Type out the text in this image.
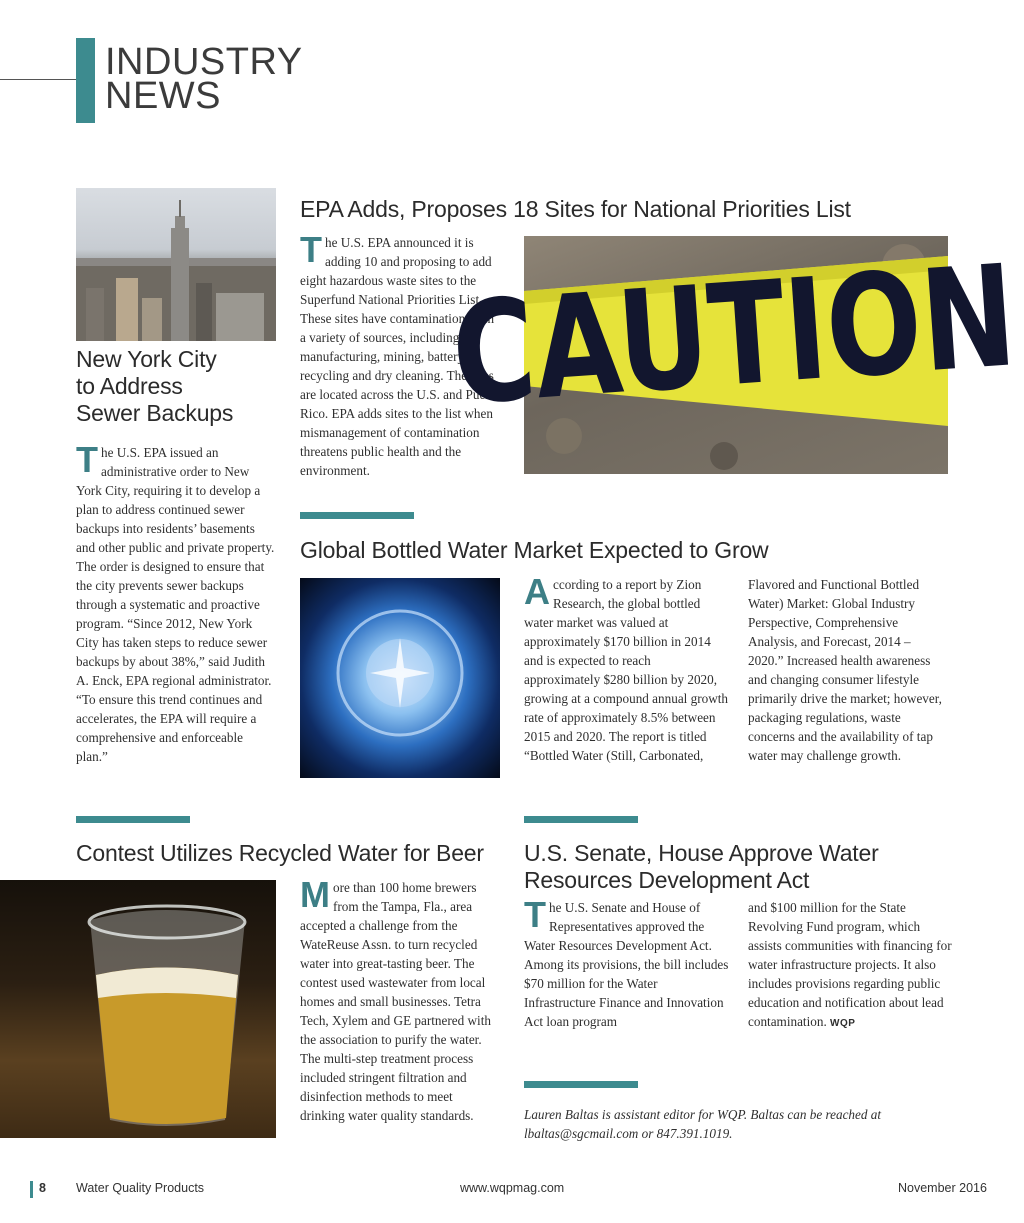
INDUSTRY
NEWS
New York City
to Address
Sewer Backups

The U.S. EPA issued an administrative order to New York City, requiring it to develop a plan to address continued sewer backups into residents’ basements and other public and private property. The order is designed to ensure that the city prevents sewer backups through a systematic and proactive program. “Since 2012, New York City has taken steps to reduce sewer backups by about 38%,” said Judith A. Enck, EPA regional administrator. “To ensure this trend continues and accelerates, the EPA will require a comprehensive and enforceable plan.”

EPA Adds, Proposes 18 Sites for National Priorities List

The U.S. EPA announced it is adding 10 and proposing to add eight hazardous waste sites to the Superfund National Priorities List. These sites have contamination from a variety of sources, including manufacturing, mining, battery recycling and dry cleaning. The sites are located across the U.S. and Puerto Rico. EPA adds sites to the list when mismanagement of contamination threatens public health and the environment.

CAUTION
Global Bottled Water Market Expected to Grow

According to a report by Zion Research, the global bottled water market was valued at approximately $170 billion in 2014 and is expected to reach approximately $280 billion by 2020, growing at a compound annual growth rate of approximately 8.5% between 2015 and 2020. The report is titled “Bottled Water (Still, Carbonated,

Flavored and Functional Bottled Water) Market: Global Industry Perspective, Comprehensive Analysis, and Forecast, 2014 – 2020.” Increased health awareness and changing consumer lifestyle primarily drive the market; however, packaging regulations, waste concerns and the availability of tap water may challenge growth.

Contest Utilizes Recycled Water for Beer

More than 100 home brewers from the Tampa, Fla., area accepted a challenge from the WateReuse Assn. to turn recycled water into great-tasting beer. The contest used wastewater from local homes and small businesses. Tetra Tech, Xylem and GE partnered with the association to purify the water. The multi-step treatment process included stringent filtration and disinfection methods to meet drinking water quality standards.

U.S. Senate, House Approve Water
Resources Development Act

The U.S. Senate and House of Representatives approved the Water Resources Development Act. Among its provisions, the bill includes $70 million for the Water Infrastructure Finance and Innovation Act loan program

and $100 million for the State Revolving Fund program, which assists communities with financing for water infrastructure projects. It also includes provisions regarding public education and notification about lead contamination. WQP

Lauren Baltas is assistant editor for WQP. Baltas can be reached at
lbaltas@sgcmail.com or 847.391.1019.
8 Water Quality Products	www.wqpmag.com	November 2016
